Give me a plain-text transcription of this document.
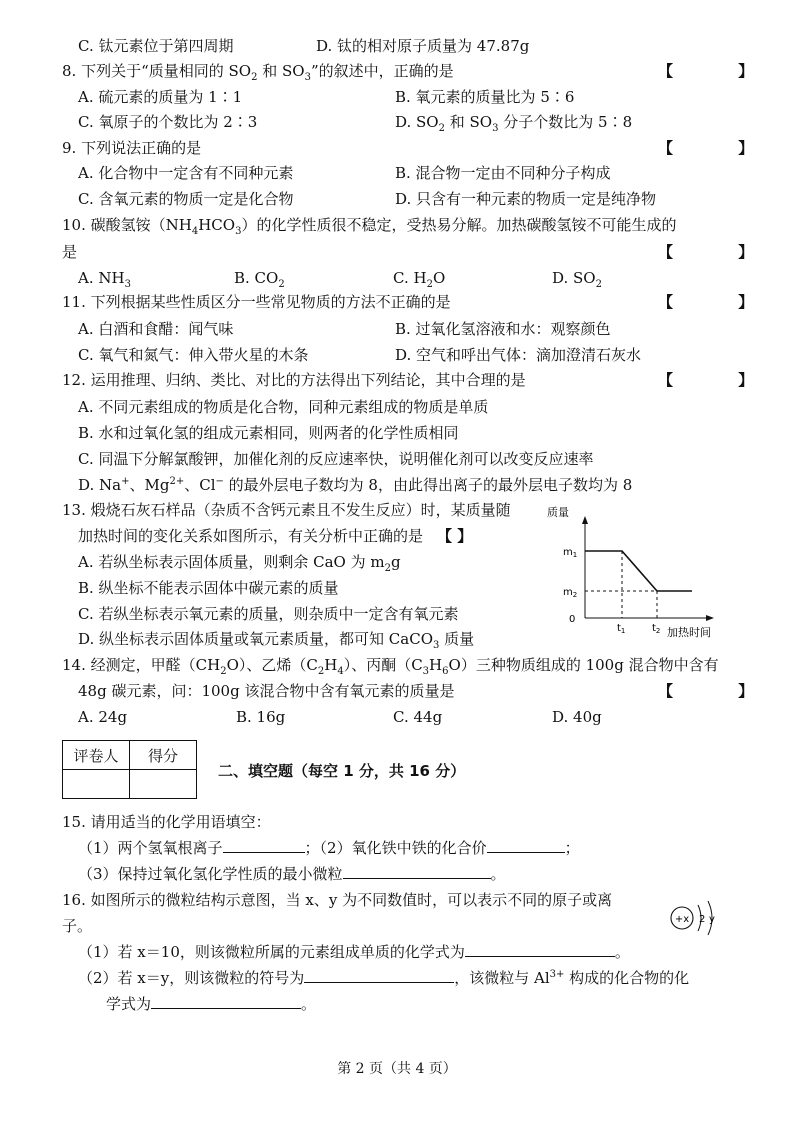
C. 钛元素位于第四周期	D. 钛的相对原子质量为 47.87g
8. 下列关于“质量相同的 $SO_2$ 和 $SO_3$”的叙述中，正确的是	【 】
A. 硫元素的质量为 1∶1	B. 氧元素的质量比为 5∶6
C. 氧原子的个数比为 2∶3	D. $SO_2$ 和 $SO_3$ 分子个数比为 5∶8
9. 下列说法正确的是	【 】
A. 化合物中一定含有不同种元素	B. 混合物一定由不同种分子构成
C. 含氧元素的物质一定是化合物	D. 只含有一种元素的物质一定是纯净物
10. 碳酸氢铵$(NH_4HCO_3)$的化学性质很不稳定，受热易分解。加热碳酸氢铵不可能生成的
是	【 】
A. $NH_3$	B. $CO_2$	C. $H_2O$	D. $SO_2$
11. 下列根据某些性质区分一些常见物质的方法不正确的是	【 】
A. 白酒和食醋：闻气味	B. 过氧化氢溶液和水：观察颜色
C. 氧气和氮气：伸入带火星的木条	D. 空气和呼出气体：滴加澄清石灰水
12. 运用推理、归纳、类比、对比的方法得出下列结论，其中合理的是	【 】
A. 不同元素组成的物质是化合物，同种元素组成的物质是单质
B. 水和过氧化氢的组成元素相同，则两者的化学性质相同
C. 同温下分解氯酸钾，加催化剂的反应速率快，说明催化剂可以改变反应速率
D. Na+、$Mg^{2+}$、Cl− 的最外层电子数均为 8，由此得出离子的最外层电子数均为 8
13. 煅烧石灰石样品（杂质不含钙元素且不发生反应）时，某质量随
加热时间的变化关系如图所示，有关分析中正确的是 【 】
A. 若纵坐标表示固体质量，则剩余 CaO 为 $m_2g$
B. 纵坐标不能表示固体中碳元素的质量
C. 若纵坐标表示氧元素的质量，则杂质中一定含有氧元素
D. 纵坐标表示固体质量或氧元素质量，都可知 CaCO$_3$ 质量
质量
$m_1$
$m_2$
0
$t_1$	$t_2$ 加热时间
14. 经测定，甲醛$(CH_2O)$、乙烯$(C_2H_4)$、丙酮$(C_3H_6O)$三种物质组成的 100g 混合物中含有
48g 碳元素，问：100g 该混合物中含有氧元素的质量是	【 】
A. 24g	B. 16g	C. 44g	D. 40g
评卷人	得分

二、填空题（每空 1 分，共 16 分）
15. 请用适当的化学用语填空：
（1）两个氢氧根离子	；（2）氧化铁中铁的化合价	；
（3）保持过氧化氢化学性质的最小微粒	。
16. 如图所示的微粒结构示意图，当 x、y 为不同数值时，可以表示不同的原子或离
子。	+x 2 y
（1）若 x＝10，则该微粒所属的元素组成单质的化学式为	。
（2）若 x＝y，则该微粒的符号为	，该微粒与 $Al^{3+}$ 构成的化合物的化
学式为	。
第 2 页（共 4 页）
